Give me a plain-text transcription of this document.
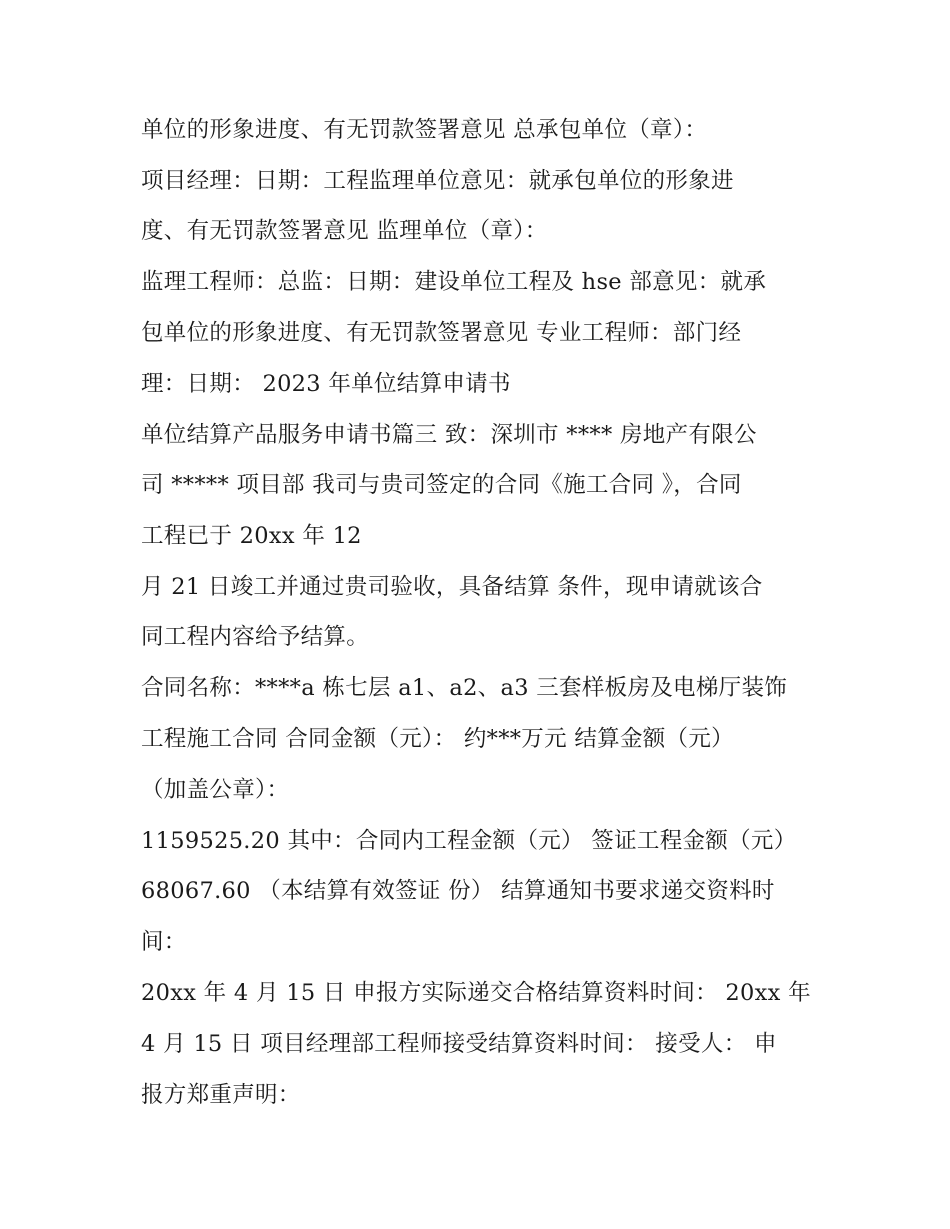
单位的形象进度、有无罚款签署意见 总承包单位（章）：
项目经理：日期：工程监理单位意见：就承包单位的形象进
度、有无罚款签署意见 监理单位（章）：
监理工程师：总监：日期：建设单位工程及 hse 部意见：就承
包单位的形象进度、有无罚款签署意见 专业工程师：部门经
理：日期： 2023 年单位结算申请书
单位结算产品服务申请书篇三 致：深圳市 **** 房地产有限公
司 ***** 项目部 我司与贵司签定的合同《施工合同 》，合同
工程已于 20xx 年 12
月 21 日竣工并通过贵司验收，具备结算 条件，现申请就该合
同工程内容给予结算。
合同名称：****a 栋七层 a1、a2、a3 三套样板房及电梯厅装饰
工程施工合同 合同金额（元）： 约***万元 结算金额（元）
（加盖公章）：
1159525.20 其中：合同内工程金额（元） 签证工程金额（元）
68067.60 （本结算有效签证 份） 结算通知书要求递交资料时
间：
20xx 年 4 月 15 日 申报方实际递交合格结算资料时间： 20xx 年
4 月 15 日 项目经理部工程师接受结算资料时间： 接受人： 申
报方郑重声明：
